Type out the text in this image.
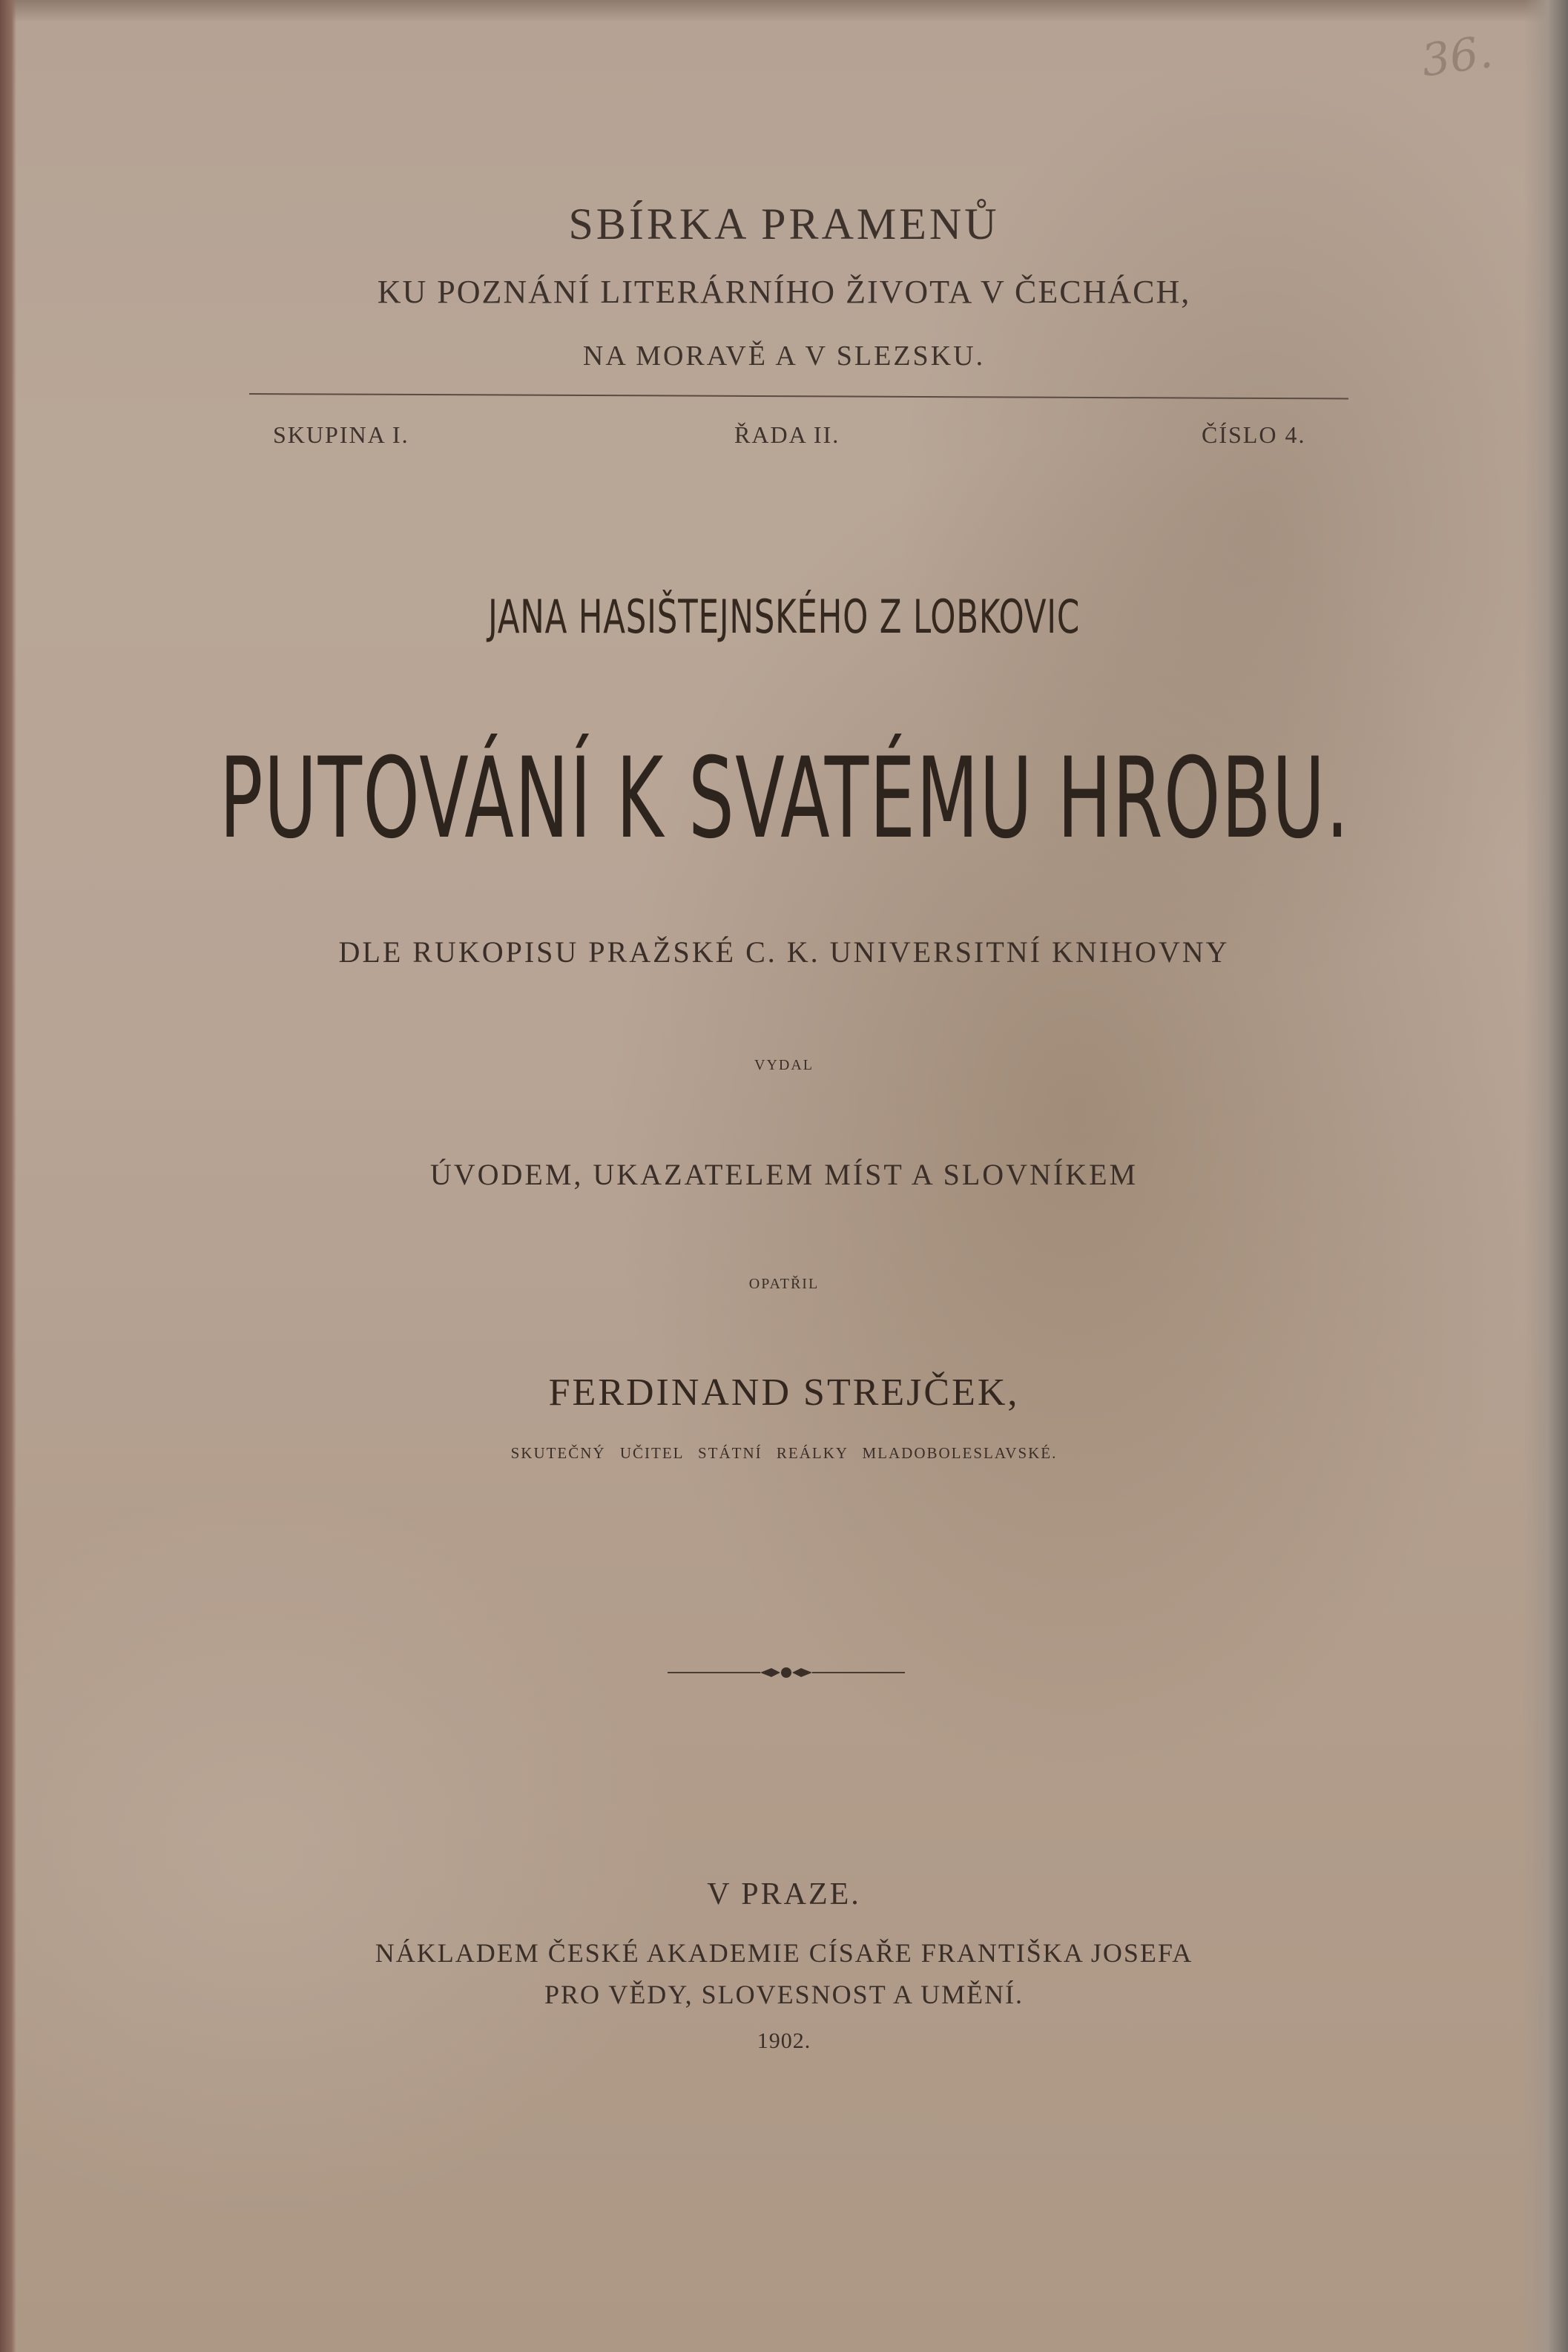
36.
SBÍRKA PRAMENŮ
KU POZNÁNÍ LITERÁRNÍHO ŽIVOTA V ČECHÁCH,
NA MORAVĚ A V SLEZSKU.
SKUPINA I.	ŘADA II.	ČÍSLO 4.
JANA HASIŠTEJNSKÉHO Z LOBKOVIC
PUTOVÁNÍ K SVATÉMU HROBU.
DLE RUKOPISU PRAŽSKÉ C. K. UNIVERSITNÍ KNIHOVNY
VYDAL
ÚVODEM, UKAZATELEM MÍST A SLOVNÍKEM
OPATŘIL
FERDINAND STREJČEK,
SKUTEČNÝ UČITEL STÁTNÍ REÁLKY MLADOBOLESLAVSKÉ.
V PRAZE.
NÁKLADEM ČESKÉ AKADEMIE CÍSAŘE FRANTIŠKA JOSEFA
PRO VĚDY, SLOVESNOST A UMĚNÍ.
1902.
